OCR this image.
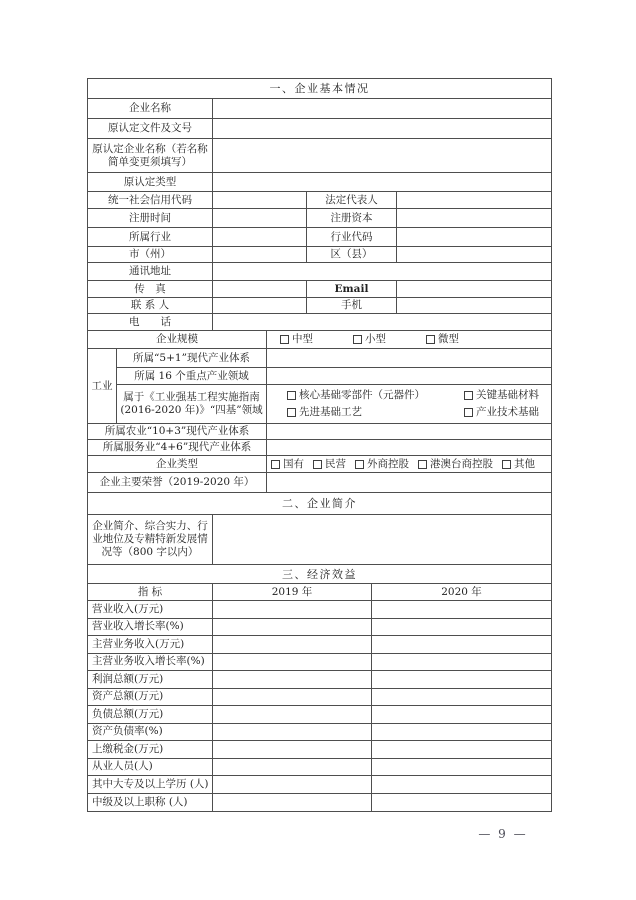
一、企业基本情况
企业名称
原认定文件及文号
原认定企业名称（若名称简单变更须填写）
原认定类型
统一社会信用代码	法定代表人
注册时间	注册资本
所属行业	行业代码
市（州）	区（县）
通讯地址
传　真	Email
联 系 人	手机
电　　话
企业规模	中型	小型	微型
工业
所属“5+1”现代产业体系
所属 16 个重点产业领域
属于《工业强基工程实施指南(2016-2020 年)》“四基”领域
核心基础零部件（元器件）	关键基础材料
先进基础工艺	产业技术基础
所属农业“10+3”现代产业体系
所属服务业“4+6”现代产业体系
企业类型	国有 民营 外商控股 港澳台商控股 其他
企业主要荣誉（2019-2020 年）
二、企业简介
企业简介、综合实力、行业地位及专精特新发展情况等（800 字以内）
三、经济效益
指 标	2019 年	2020 年
营业收入(万元)
营业收入增长率(%)
主营业务收入(万元)
主营业务收入增长率(%)
利润总额(万元)
资产总额(万元)
负债总额(万元)
资产负债率(%)
上缴税金(万元)
从业人员(人)
其中大专及以上学历 (人)
中级及以上职称 (人)
— 9 —
